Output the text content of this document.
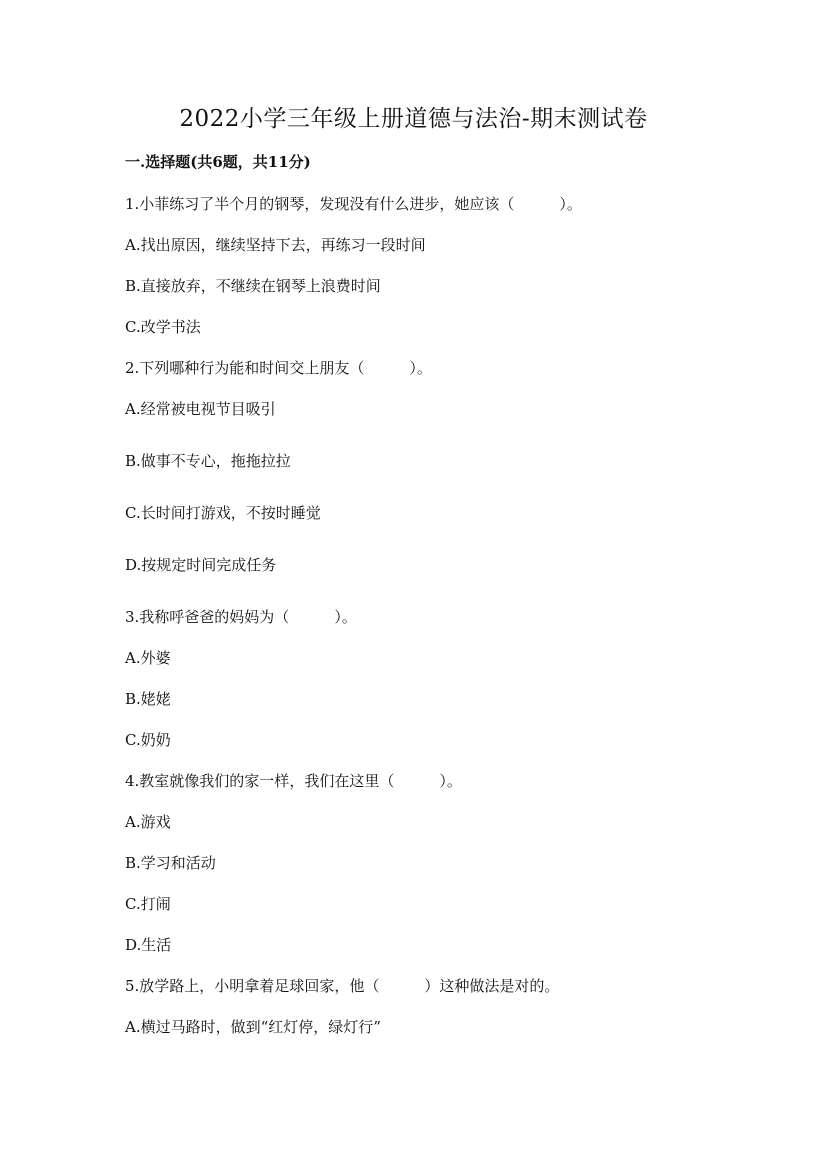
2022小学三年级上册道德与法治-期末测试卷

一.选择题(共6题，共11分)

1.小菲练习了半个月的钢琴，发现没有什么进步，她应该（　　　）。

A.找出原因，继续坚持下去，再练习一段时间

B.直接放弃，不继续在钢琴上浪费时间

C.改学书法

2.下列哪种行为能和时间交上朋友（　　　）。

A.经常被电视节目吸引

B.做事不专心，拖拖拉拉

C.长时间打游戏，不按时睡觉

D.按规定时间完成任务

3.我称呼爸爸的妈妈为（　　　）。

A.外婆

B.姥姥

C.奶奶

4.教室就像我们的家一样，我们在这里（　　　）。

A.游戏

B.学习和活动

C.打闹

D.生活

5.放学路上，小明拿着足球回家，他（　　　）这种做法是对的。

A.横过马路时，做到“红灯停，绿灯行”
